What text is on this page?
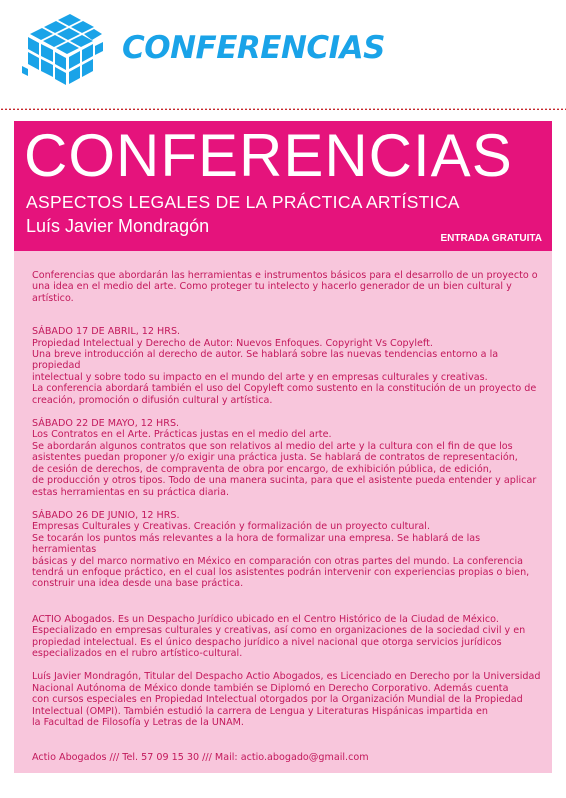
CONFERENCIAS
CONFERENCIAS
ASPECTOS LEGALES DE LA PRÁCTICA ARTÍSTICA
Luís Javier Mondragón
ENTRADA GRATUITA

Conferencias que abordarán las herramientas e instrumentos básicos para el desarrollo de un proyecto o
una idea en el medio del arte. Como proteger tu intelecto y hacerlo generador de un bien cultural y artístico.

SÁBADO 17 DE ABRIL, 12 HRS.

Propiedad Intelectual y Derecho de Autor: Nuevos Enfoques. Copyright Vs Copyleft.

Una breve introducción al derecho de autor. Se hablará sobre las nuevas tendencias entorno a la propiedad
intelectual y sobre todo su impacto en el mundo del arte y en empresas culturales y creativas.
La conferencia abordará también el uso del Copyleft como sustento en la constitución de un proyecto de
creación, promoción o difusión cultural y artística.

SÁBADO 22 DE MAYO, 12 HRS.

Los Contratos en el Arte. Prácticas justas en el medio del arte.

Se abordarán algunos contratos que son relativos al medio del arte y la cultura con el fin de que los
asistentes puedan proponer y/o exigir una práctica justa. Se hablará de contratos de representación,
de cesión de derechos, de compraventa de obra por encargo, de exhibición pública, de edición,
de producción y otros tipos. Todo de una manera sucinta, para que el asistente pueda entender y aplicar
estas herramientas en su práctica diaria.

SÁBADO 26 DE JUNIO, 12 HRS.

Empresas Culturales y Creativas. Creación y formalización de un proyecto cultural.

Se tocarán los puntos más relevantes a la hora de formalizar una empresa. Se hablará de las herramientas
básicas y del marco normativo en México en comparación con otras partes del mundo. La conferencia
tendrá un enfoque práctico, en el cual los asistentes podrán intervenir con experiencias propias o bien,
construir una idea desde una base práctica.

ACTIO Abogados. Es un Despacho Jurídico ubicado en el Centro Histórico de la Ciudad de México.
Especializado en empresas culturales y creativas, así como en organizaciones de la sociedad civil y en
propiedad intelectual. Es el único despacho jurídico a nivel nacional que otorga servicios jurídicos
especializados en el rubro artístico-cultural.

Luís Javier Mondragón, Titular del Despacho Actio Abogados, es Licenciado en Derecho por la Universidad
Nacional Autónoma de México donde también se Diplomó en Derecho Corporativo. Además cuenta
con cursos especiales en Propiedad Intelectual otorgados por la Organización Mundial de la Propiedad
Intelectual (OMPI). También estudió la carrera de Lengua y Literaturas Hispánicas impartida en
la Facultad de Filosofía y Letras de la UNAM.

Actio Abogados /// Tel. 57 09 15 30 /// Mail: actio.abogado@gmail.com
